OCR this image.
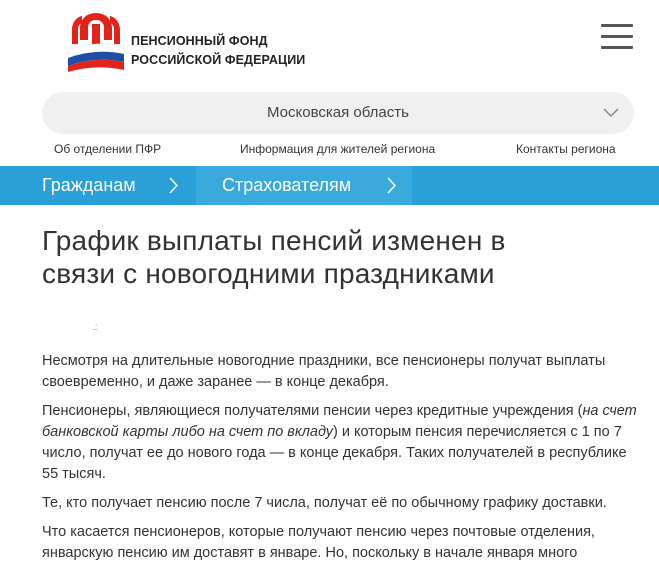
ПЕНСИОННЫЙ ФОНД
РОССИЙСКОЙ ФЕДЕРАЦИИ
Московская область
Об отделении ПФР	Информация для жителей региона	Контакты региона
Гражданам	Страхователям
График выплаты пенсий изменен в
связи с новогодними праздниками
.:

Несмотря на длительные новогодние праздники, все пенсионеры получат выплаты своевременно, и даже заранее — в конце декабря.

Пенсионеры, являющиеся получателями пенсии через кредитные учреждения (на счет банковской карты либо на счет по вкладу) и которым пенсия перечисляется с 1 по 7 число, получат ее до нового года — в конце декабря. Таких получателей в республике 55 тысяч.

Те, кто получает пенсию после 7 числа, получат её по обычному графику доставки.

Что касается пенсионеров, которые получают пенсию через почтовые отделения, январскую пенсию им доставят в январе. Но, поскольку в начале января много
